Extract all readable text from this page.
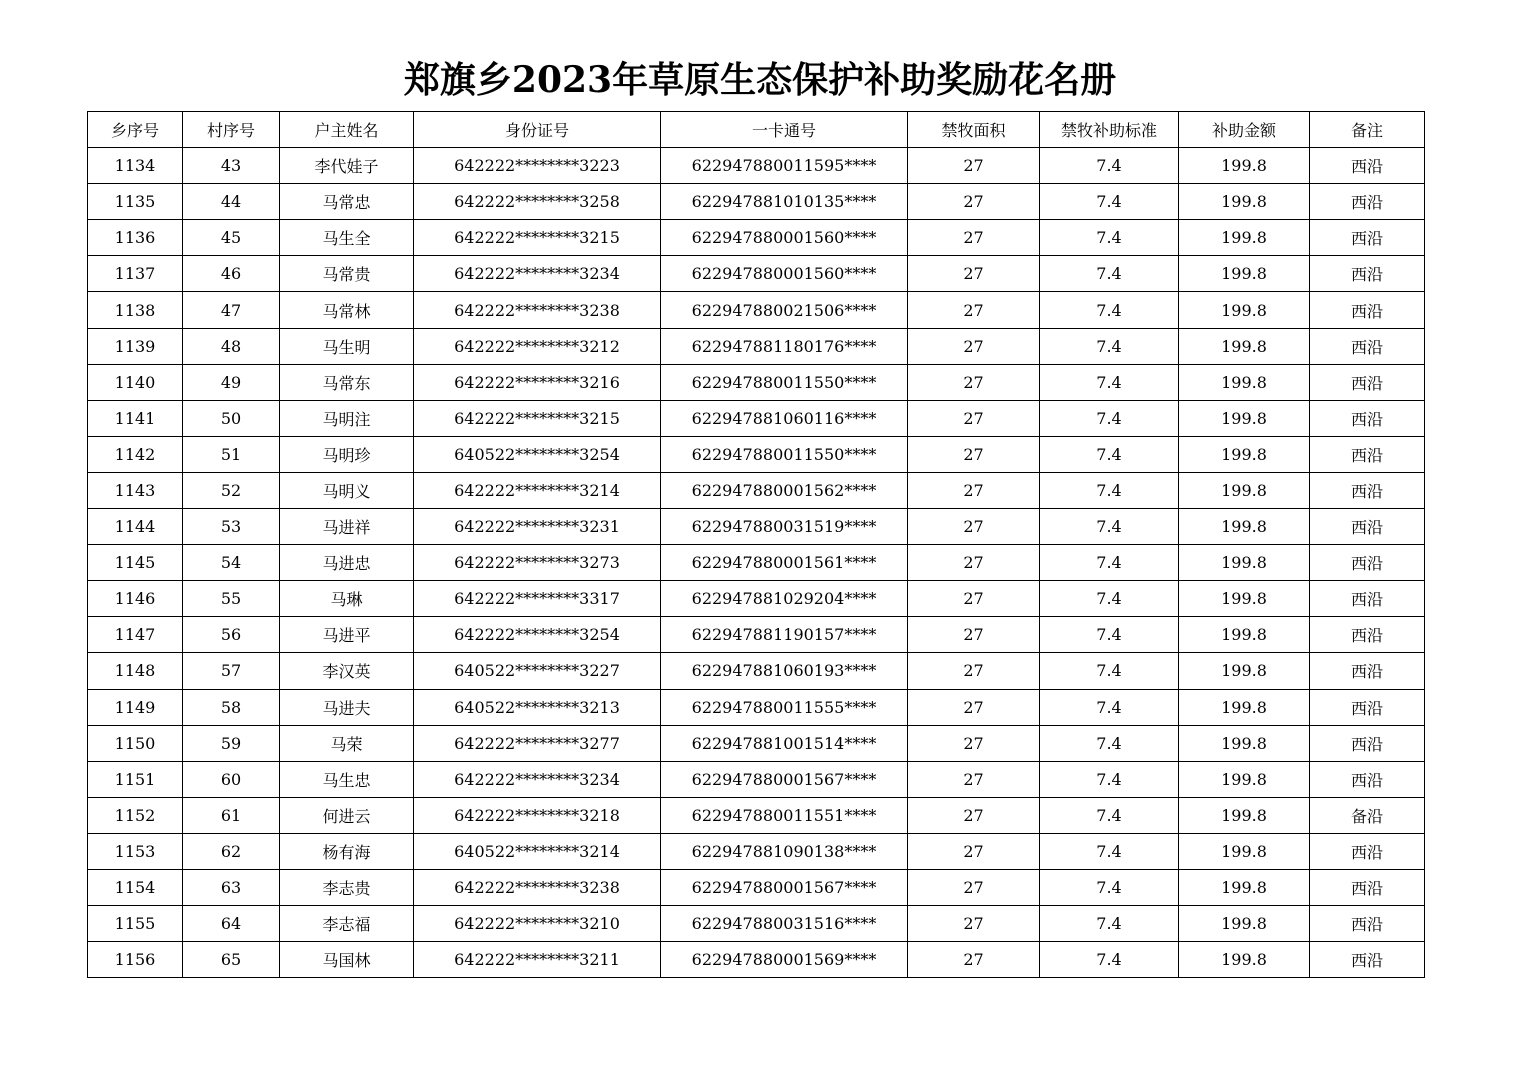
郑旗乡2023年草原生态保护补助奖励花名册
乡序号	村序号	户主姓名	身份证号	一卡通号	禁牧面积	禁牧补助标准	补助金额	备注
1134	43	李代娃子	642222********3223	622947880011595****	27	7.4	199.8	西沿
1135	44	马常忠	642222********3258	622947881010135****	27	7.4	199.8	西沿
1136	45	马生全	642222********3215	622947880001560****	27	7.4	199.8	西沿
1137	46	马常贵	642222********3234	622947880001560****	27	7.4	199.8	西沿
1138	47	马常林	642222********3238	622947880021506****	27	7.4	199.8	西沿
1139	48	马生明	642222********3212	622947881180176****	27	7.4	199.8	西沿
1140	49	马常东	642222********3216	622947880011550****	27	7.4	199.8	西沿
1141	50	马明注	642222********3215	622947881060116****	27	7.4	199.8	西沿
1142	51	马明珍	640522********3254	622947880011550****	27	7.4	199.8	西沿
1143	52	马明义	642222********3214	622947880001562****	27	7.4	199.8	西沿
1144	53	马进祥	642222********3231	622947880031519****	27	7.4	199.8	西沿
1145	54	马进忠	642222********3273	622947880001561****	27	7.4	199.8	西沿
1146	55	马琳	642222********3317	622947881029204****	27	7.4	199.8	西沿
1147	56	马进平	642222********3254	622947881190157****	27	7.4	199.8	西沿
1148	57	李汉英	640522********3227	622947881060193****	27	7.4	199.8	西沿
1149	58	马进夫	640522********3213	622947880011555****	27	7.4	199.8	西沿
1150	59	马荣	642222********3277	622947881001514****	27	7.4	199.8	西沿
1151	60	马生忠	642222********3234	622947880001567****	27	7.4	199.8	西沿
1152	61	何进云	642222********3218	622947880011551****	27	7.4	199.8	备沿
1153	62	杨有海	640522********3214	622947881090138****	27	7.4	199.8	西沿
1154	63	李志贵	642222********3238	622947880001567****	27	7.4	199.8	西沿
1155	64	李志福	642222********3210	622947880031516****	27	7.4	199.8	西沿
1156	65	马国林	642222********3211	622947880001569****	27	7.4	199.8	西沿
